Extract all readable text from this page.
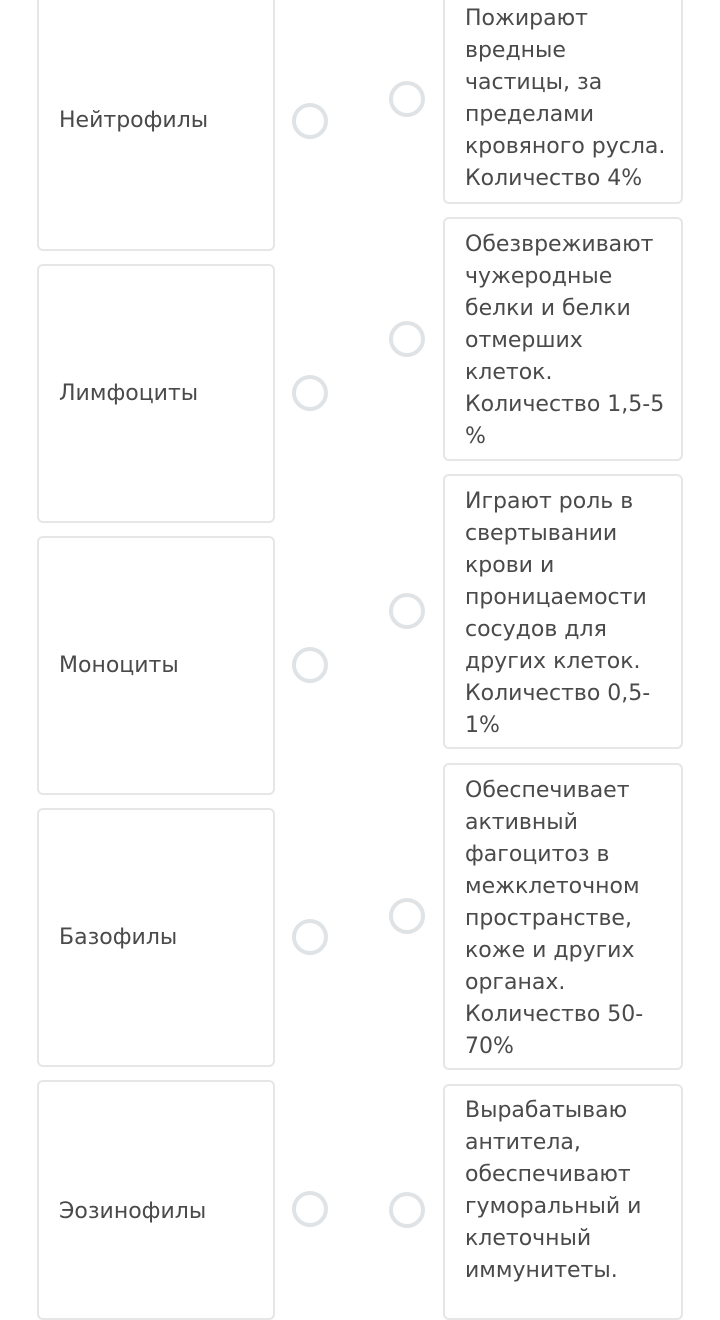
Нейтрофилы
Лимфоциты
Моноциты
Базофилы
Эозинофилы
Пожирают
вредные
частицы, за
пределами
кровяного русла.
Количество 4%
Обезвреживают
чужеродные
белки и белки
отмерших
клеток.
Количество 1,5-5
%
Играют роль в
свертывании
крови и
проницаемости
сосудов для
других клеток.
Количество 0,5-
1%
Обеспечивает
активный
фагоцитоз в
межклеточном
пространстве,
коже и других
органах.
Количество 50-
70%
Вырабатываю
антитела,
обеспечивают
гуморальный и
клеточный
иммунитеты.
